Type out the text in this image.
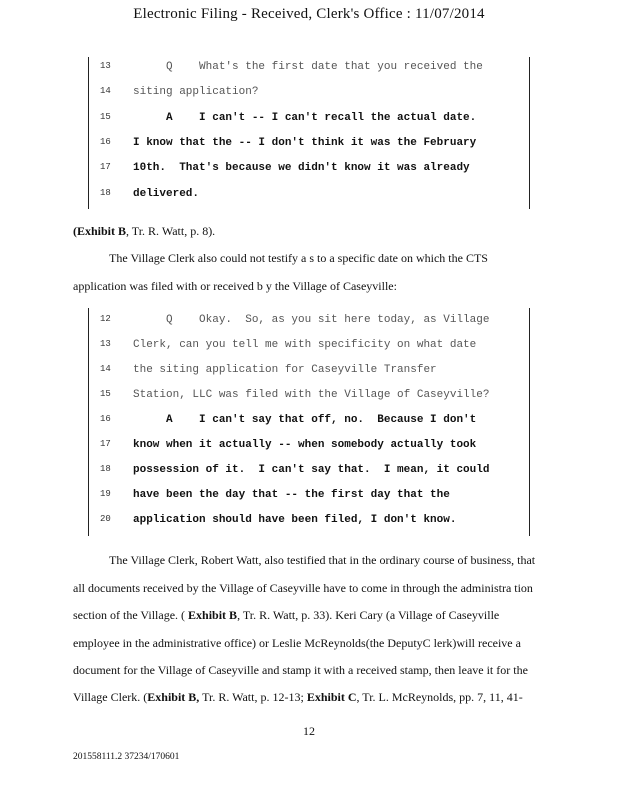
Electronic Filing - Received, Clerk's Office : 11/07/2014
13	Q    What's the first date that you received the
14	siting application?
15	A    I can't -- I can't recall the actual date.
16	I know that the -- I don't think it was the February
17	10th.  That's because we didn't know it was already
18	delivered.
(Exhibit B, Tr. R. Watt, p. 8).
The Village Clerk also could not testify a s to a specific date on which the CTS
application was filed with or received b y the Village of Caseyville:
12	Q    Okay.  So, as you sit here today, as Village
13	Clerk, can you tell me with specificity on what date
14	the siting application for Caseyville Transfer
15	Station, LLC was filed with the Village of Caseyville?
16	A    I can't say that off, no.  Because I don't
17	know when it actually -- when somebody actually took
18	possession of it.  I can't say that.  I mean, it could
19	have been the day that -- the first day that the
20	application should have been filed, I don't know.
The Village Clerk, Robert Watt, also testified that in the ordinary course of business, that
all documents received by the Village of Caseyville have to come in through the administra tion
section of the Village. ( Exhibit B, Tr. R. Watt, p. 33). Keri Cary (a Village of Caseyville
employee in the administrative office) or Leslie McReynolds(the DeputyC lerk)will receive a
document for the Village of Caseyville and stamp it with a received stamp, then leave it for the
Village Clerk. (Exhibit B, Tr. R. Watt, p. 12-13; Exhibit C, Tr. L. McReynolds, pp. 7, 11, 41-
12
201558111.2 37234/170601
